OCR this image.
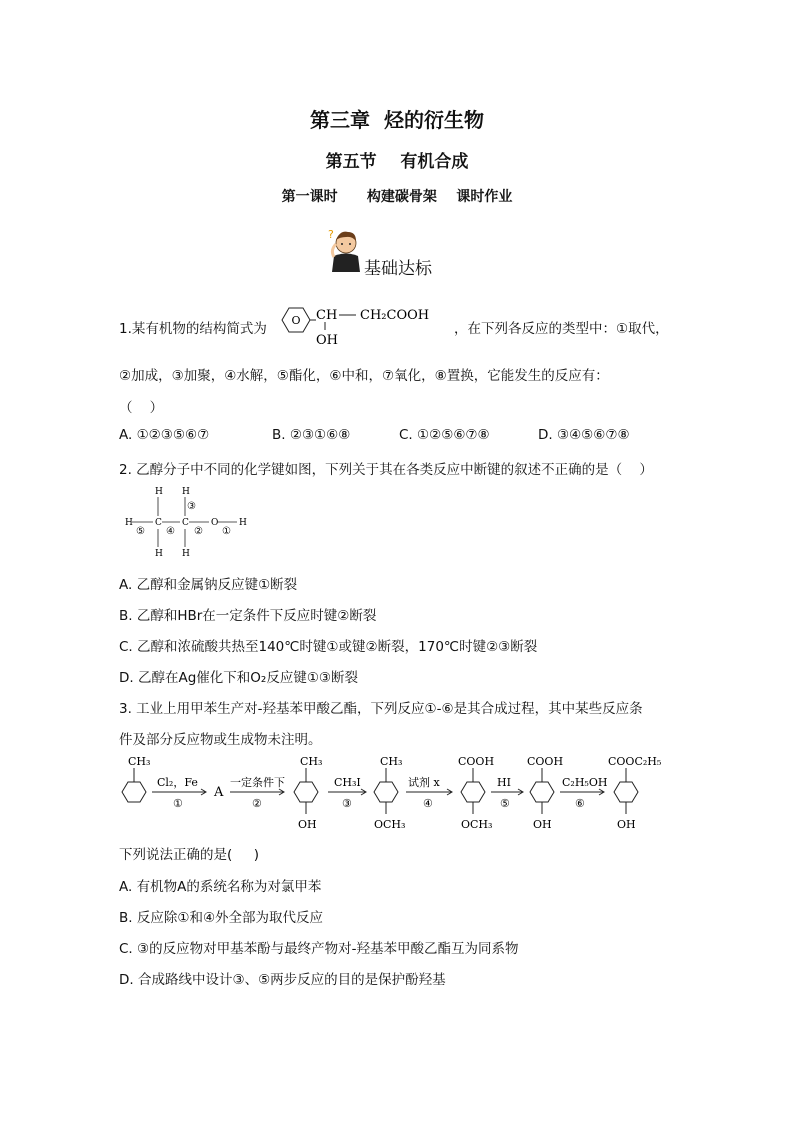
第三章  烃的衍生物
第五节    有机合成
第一课时      构建碳骨架    课时作业
?
基础达标
1.某有机物的结构简式为
O CH CH₂COOH
OH
，在下列各反应的类型中：①取代，
②加成，③加聚，④水解，⑤酯化，⑥中和，⑦氧化，⑧置换，它能发生的反应有：
（    ）
A. ①②③⑤⑥⑦	B. ②③①⑥⑧	C. ①②⑤⑥⑦⑧	D. ③④⑤⑥⑦⑧
2. 乙醇分子中不同的化学键如图，下列关于其在各类反应中断键的叙述不正确的是（    ）
H H
H C C O H
H H
⑤ ④
③
② ①
A. 乙醇和金属钠反应键①断裂
B. 乙醇和HBr在一定条件下反应时键②断裂
C. 乙醇和浓硫酸共热至140℃时键①或键②断裂，170℃时键②③断裂
D. 乙醇在Ag催化下和O₂反应键①③断裂
3. 工业上用甲苯生产对-羟基苯甲酸乙酯，下列反应①-⑥是其合成过程，其中某些反应条
件及部分反应物或生成物未注明。
CH₃
Cl₂，Fe
①
A
一定条件下
②
CH₃
OH
CH₃I
③
CH₃
OCH₃
试剂 x
④
COOH
OCH₃
HI
⑤
COOH
OH
C₂H₅OH
⑥
COOC₂H₅
OH
下列说法正确的是(     )
A. 有机物A的系统名称为对氯甲苯
B. 反应除①和④外全部为取代反应
C. ③的反应物对甲基苯酚与最终产物对-羟基苯甲酸乙酯互为同系物
D. 合成路线中设计③、⑤两步反应的目的是保护酚羟基
